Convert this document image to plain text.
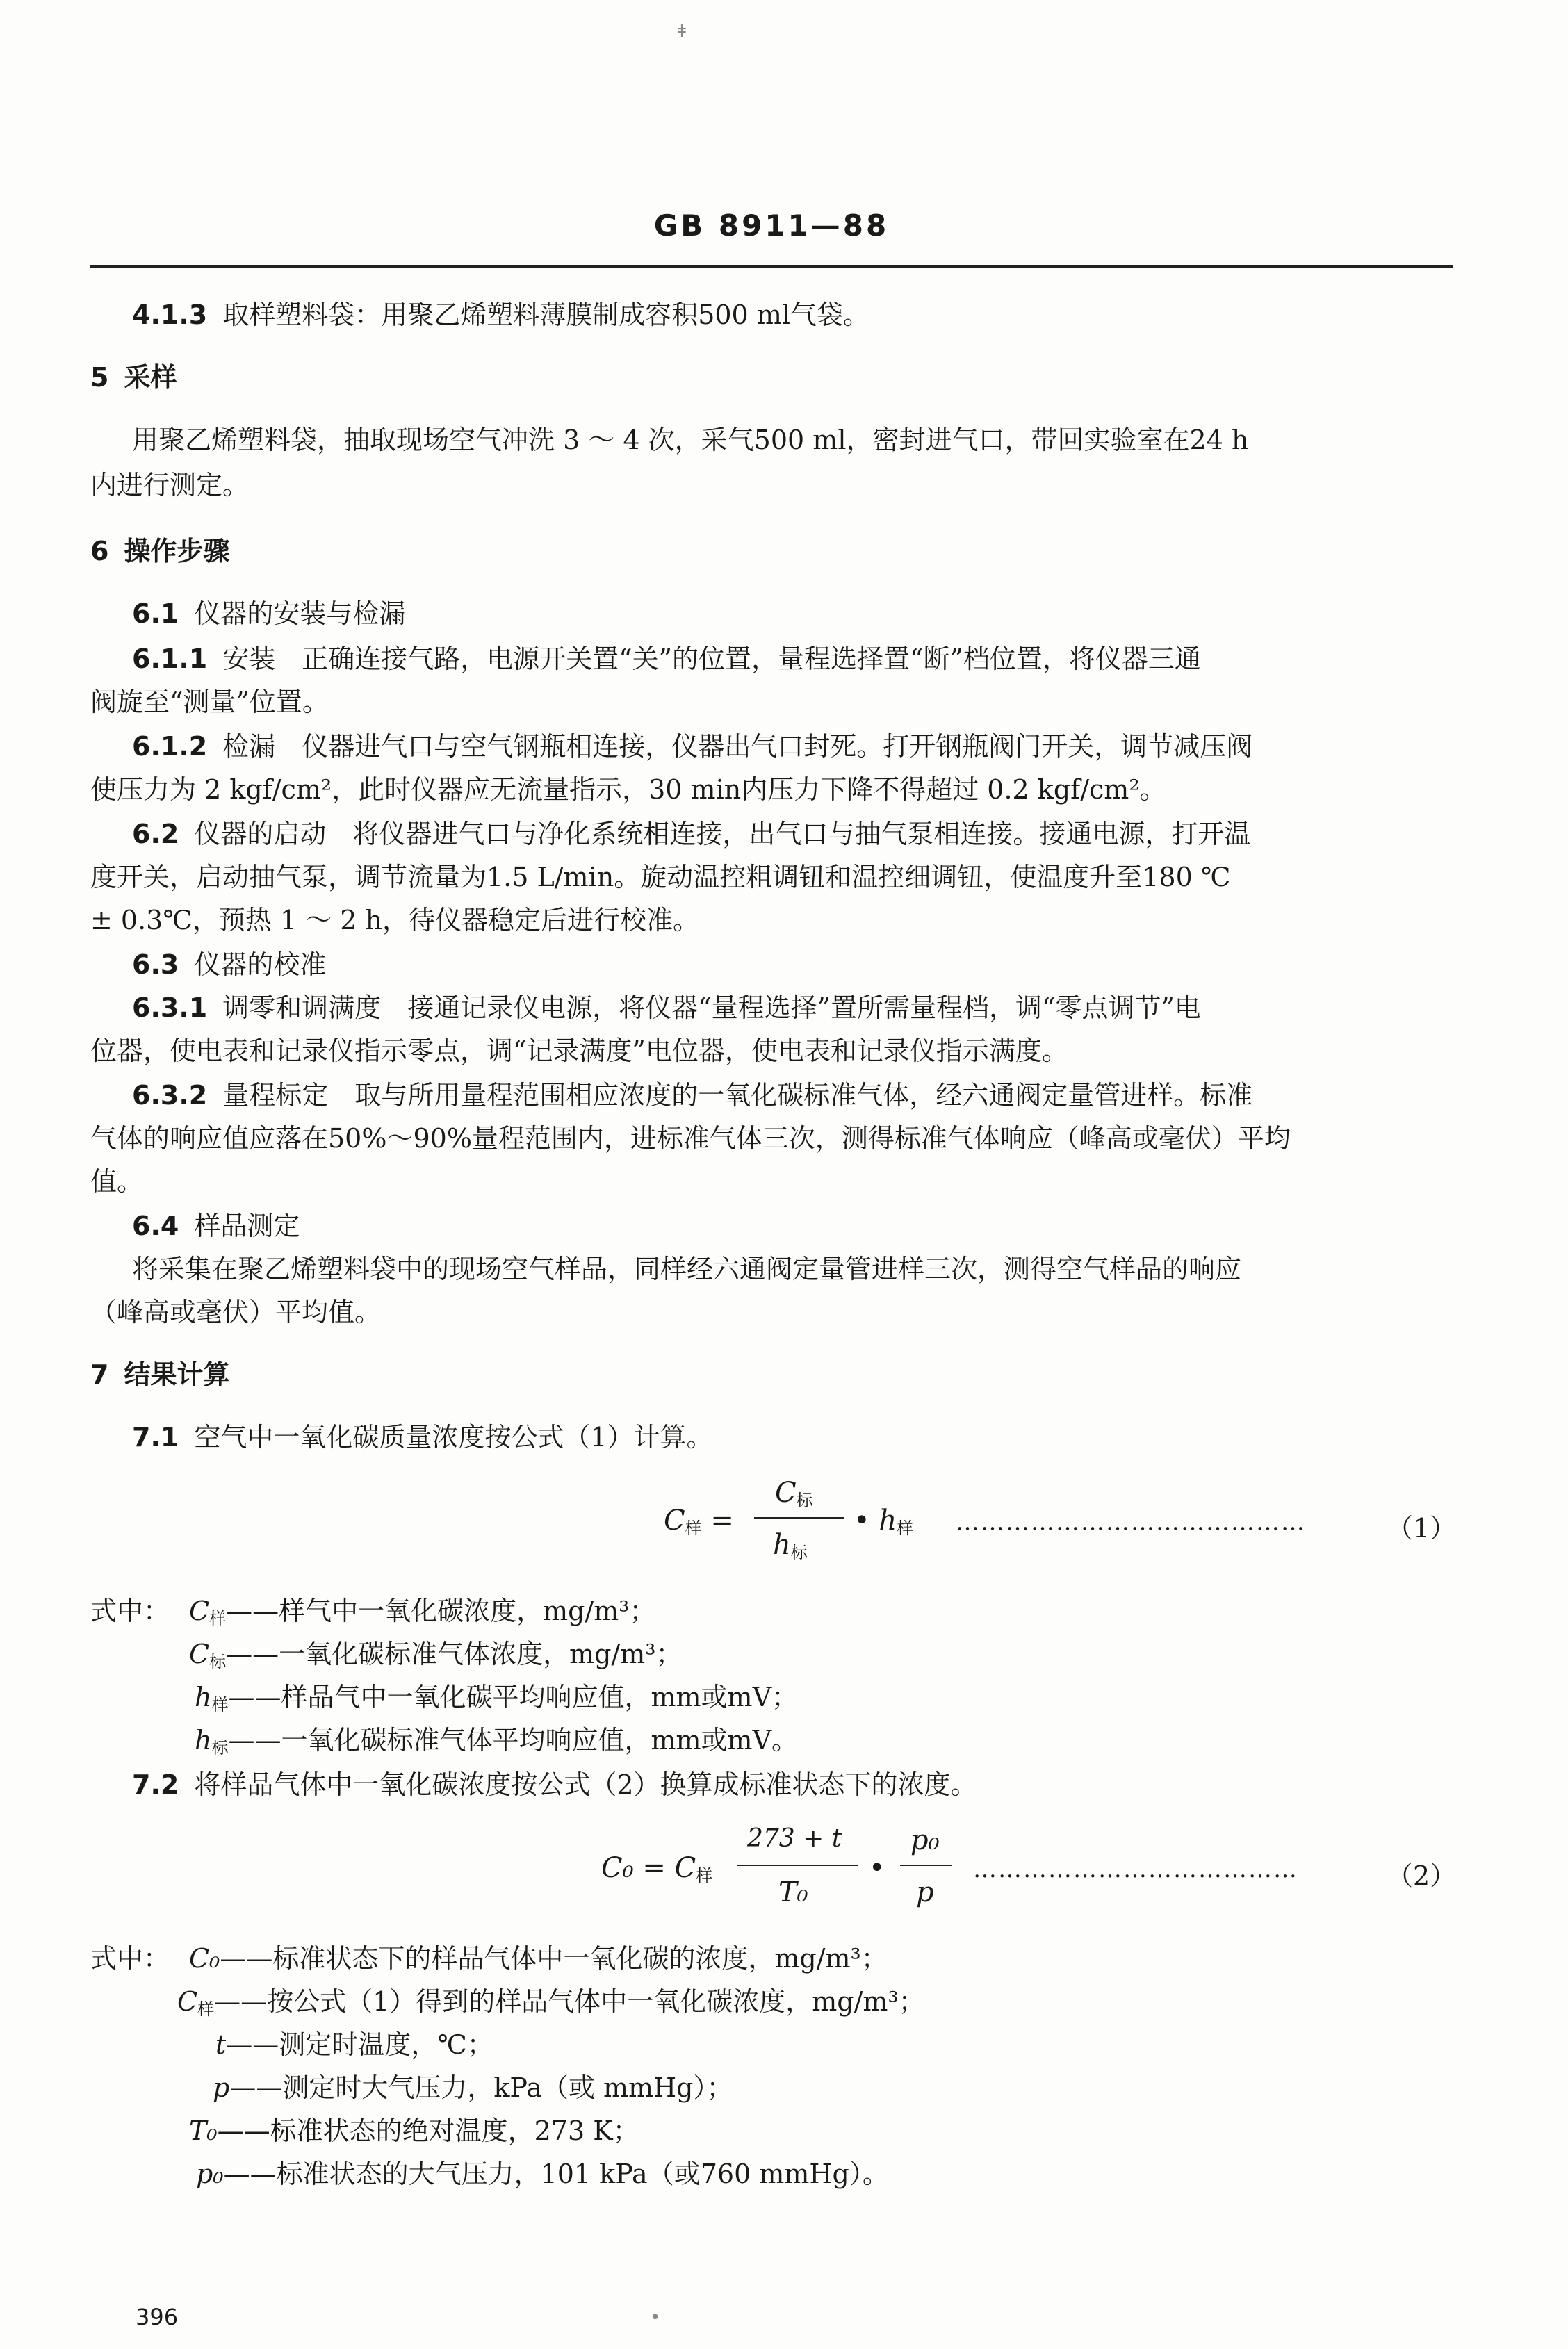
GB 8911—88
4.1.3 取样塑料袋：用聚乙烯塑料薄膜制成容积500 ml气袋。
5 采样
用聚乙烯塑料袋，抽取现场空气冲洗 3 ～ 4 次，采气500 ml，密封进气口，带回实验室在24 h
内进行测定。
6 操作步骤
6.1 仪器的安装与检漏
6.1.1 安装　正确连接气路，电源开关置“关”的位置，量程选择置“断”档位置，将仪器三通
阀旋至“测量”位置。
6.1.2 检漏　仪器进气口与空气钢瓶相连接，仪器出气口封死。打开钢瓶阀门开关，调节减压阀
使压力为 2 kgf/cm²，此时仪器应无流量指示，30 min内压力下降不得超过 0.2 kgf/cm²。
6.2 仪器的启动　将仪器进气口与净化系统相连接，出气口与抽气泵相连接。接通电源，打开温
度开关，启动抽气泵，调节流量为1.5 L/min。旋动温控粗调钮和温控细调钮，使温度升至180 ℃
± 0.3℃，预热 1 ～ 2 h，待仪器稳定后进行校准。
6.3 仪器的校准
6.3.1 调零和调满度　接通记录仪电源，将仪器“量程选择”置所需量程档，调“零点调节”电
位器，使电表和记录仪指示零点，调“记录满度”电位器，使电表和记录仪指示满度。
6.3.2 量程标定　取与所用量程范围相应浓度的一氧化碳标准气体，经六通阀定量管进样。标准
气体的响应值应落在50%～90%量程范围内，进标准气体三次，测得标准气体响应（峰高或毫伏）平均
值。
6.4 样品测定
将采集在聚乙烯塑料袋中的现场空气样品，同样经六通阀定量管进样三次，测得空气样品的响应
（峰高或毫伏）平均值。
7 结果计算
7.1 空气中一氧化碳质量浓度按公式（1）计算。
$C_样$ =
$C_标$
$h_标$
• $h_样$ ……………………………………	（1）
式中： $C_样——$样气中一氧化碳浓度，mg/m³；
$C_标——$一氧化碳标准气体浓度，mg/m³；
$h_样——$样品气中一氧化碳平均响应值，mm或mV；
$h_标——$一氧化碳标准气体平均响应值，mm或mV。
7.2 将样品气体中一氧化碳浓度按公式（2）换算成标准状态下的浓度。
$C_0 = C_样$
273 + t
T₀
•
p₀
p
…………………………………	（2）
式中： C₀——标准状态下的样品气体中一氧化碳的浓度，mg/m³；
$C_样——$按公式（1）得到的样品气体中一氧化碳浓度，mg/m³；
t——测定时温度，℃；
p——测定时大气压力，kPa（或 mmHg）；
T₀——标准状态的绝对温度，273 K；
p₀——标准状态的大气压力，101 kPa（或760 mmHg）。
396
ǂ
•
